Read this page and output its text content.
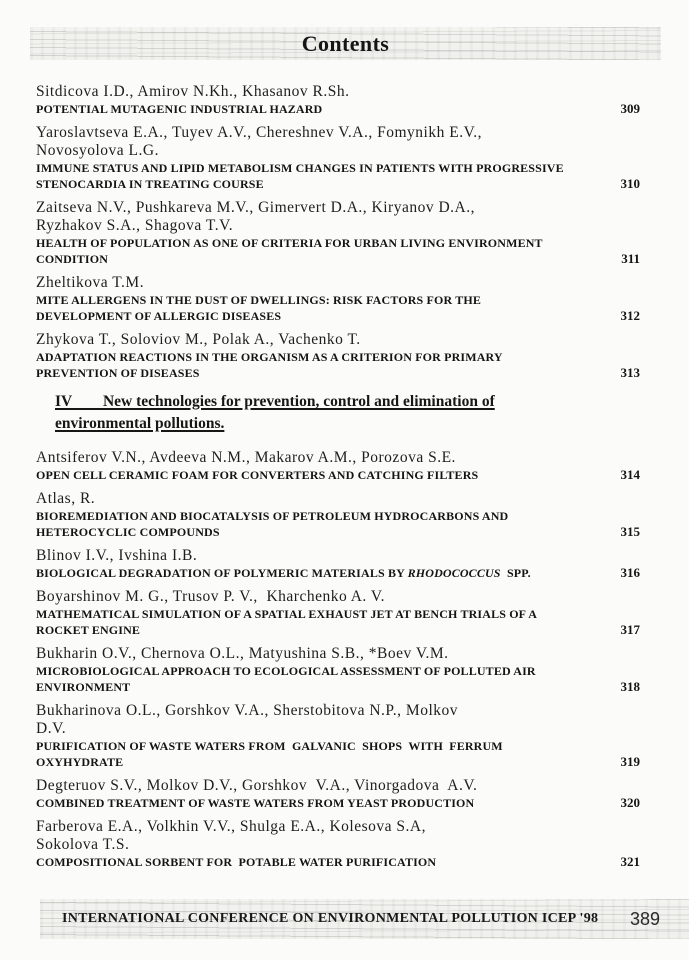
Contents
Sitdicova I.D., Amirov N.Kh., Khasanov R.Sh.
POTENTIAL MUTAGENIC INDUSTRIAL HAZARD	309
Yaroslavtseva E.A., Tuyev A.V., Chereshnev V.A., Fomynikh E.V.,
Novosyolova L.G.
IMMUNE STATUS AND LIPID METABOLISM CHANGES IN PATIENTS WITH PROGRESSIVE
STENOCARDIA IN TREATING COURSE	310
Zaitseva N.V., Pushkareva M.V., Gimervert D.A., Kiryanov D.A.,
Ryzhakov S.A., Shagova T.V.
HEALTH OF POPULATION AS ONE OF CRITERIA FOR URBAN LIVING ENVIRONMENT
CONDITION	311
Zheltikova T.M.
MITE ALLERGENS IN THE DUST OF DWELLINGS: RISK FACTORS FOR THE
DEVELOPMENT OF ALLERGIC DISEASES	312
Zhykova T., Soloviov M., Polak A., Vachenko T.
ADAPTATION REACTIONS IN THE ORGANISM AS A CRITERION FOR PRIMARY
PREVENTION OF DISEASES	313
IV        New technologies for prevention, control and elimination of
environmental pollutions.
Antsiferov V.N., Avdeeva N.M., Makarov A.M., Porozova S.E.
OPEN CELL CERAMIC FOAM FOR CONVERTERS AND CATCHING FILTERS	314
Atlas, R.
BIOREMEDIATION AND BIOCATALYSIS OF PETROLEUM HYDROCARBONS AND
HETEROCYCLIC COMPOUNDS	315
Blinov I.V., Ivshina I.B.
BIOLOGICAL DEGRADATION OF POLYMERIC MATERIALS BY RHODOCOCCUS  SPP.	316
Boyarshinov M. G., Trusov P. V.,  Kharchenko A. V.
MATHEMATICAL SIMULATION OF A SPATIAL EXHAUST JET AT BENCH TRIALS OF A
ROCKET ENGINE	317
Bukharin O.V., Chernova O.L., Matyushina S.B., *Boev V.M.
MICROBIOLOGICAL APPROACH TO ECOLOGICAL ASSESSMENT OF POLLUTED AIR
ENVIRONMENT	318
Bukharinova O.L., Gorshkov V.A., Sherstobitova N.P., Molkov
D.V.
PURIFICATION OF WASTE WATERS FROM  GALVANIC  SHOPS  WITH  FERRUM
OXYHYDRATE	319
Degteruov S.V., Molkov D.V., Gorshkov  V.A., Vinorgadova  A.V.
COMBINED TREATMENT OF WASTE WATERS FROM YEAST PRODUCTION	320
Farberova E.A., Volkhin V.V., Shulga E.A., Kolesova S.A,
Sokolova T.S.
COMPOSITIONAL SORBENT FOR  POTABLE WATER PURIFICATION	321
INTERNATIONAL CONFERENCE ON ENVIRONMENTAL POLLUTION ICEP '98 389
